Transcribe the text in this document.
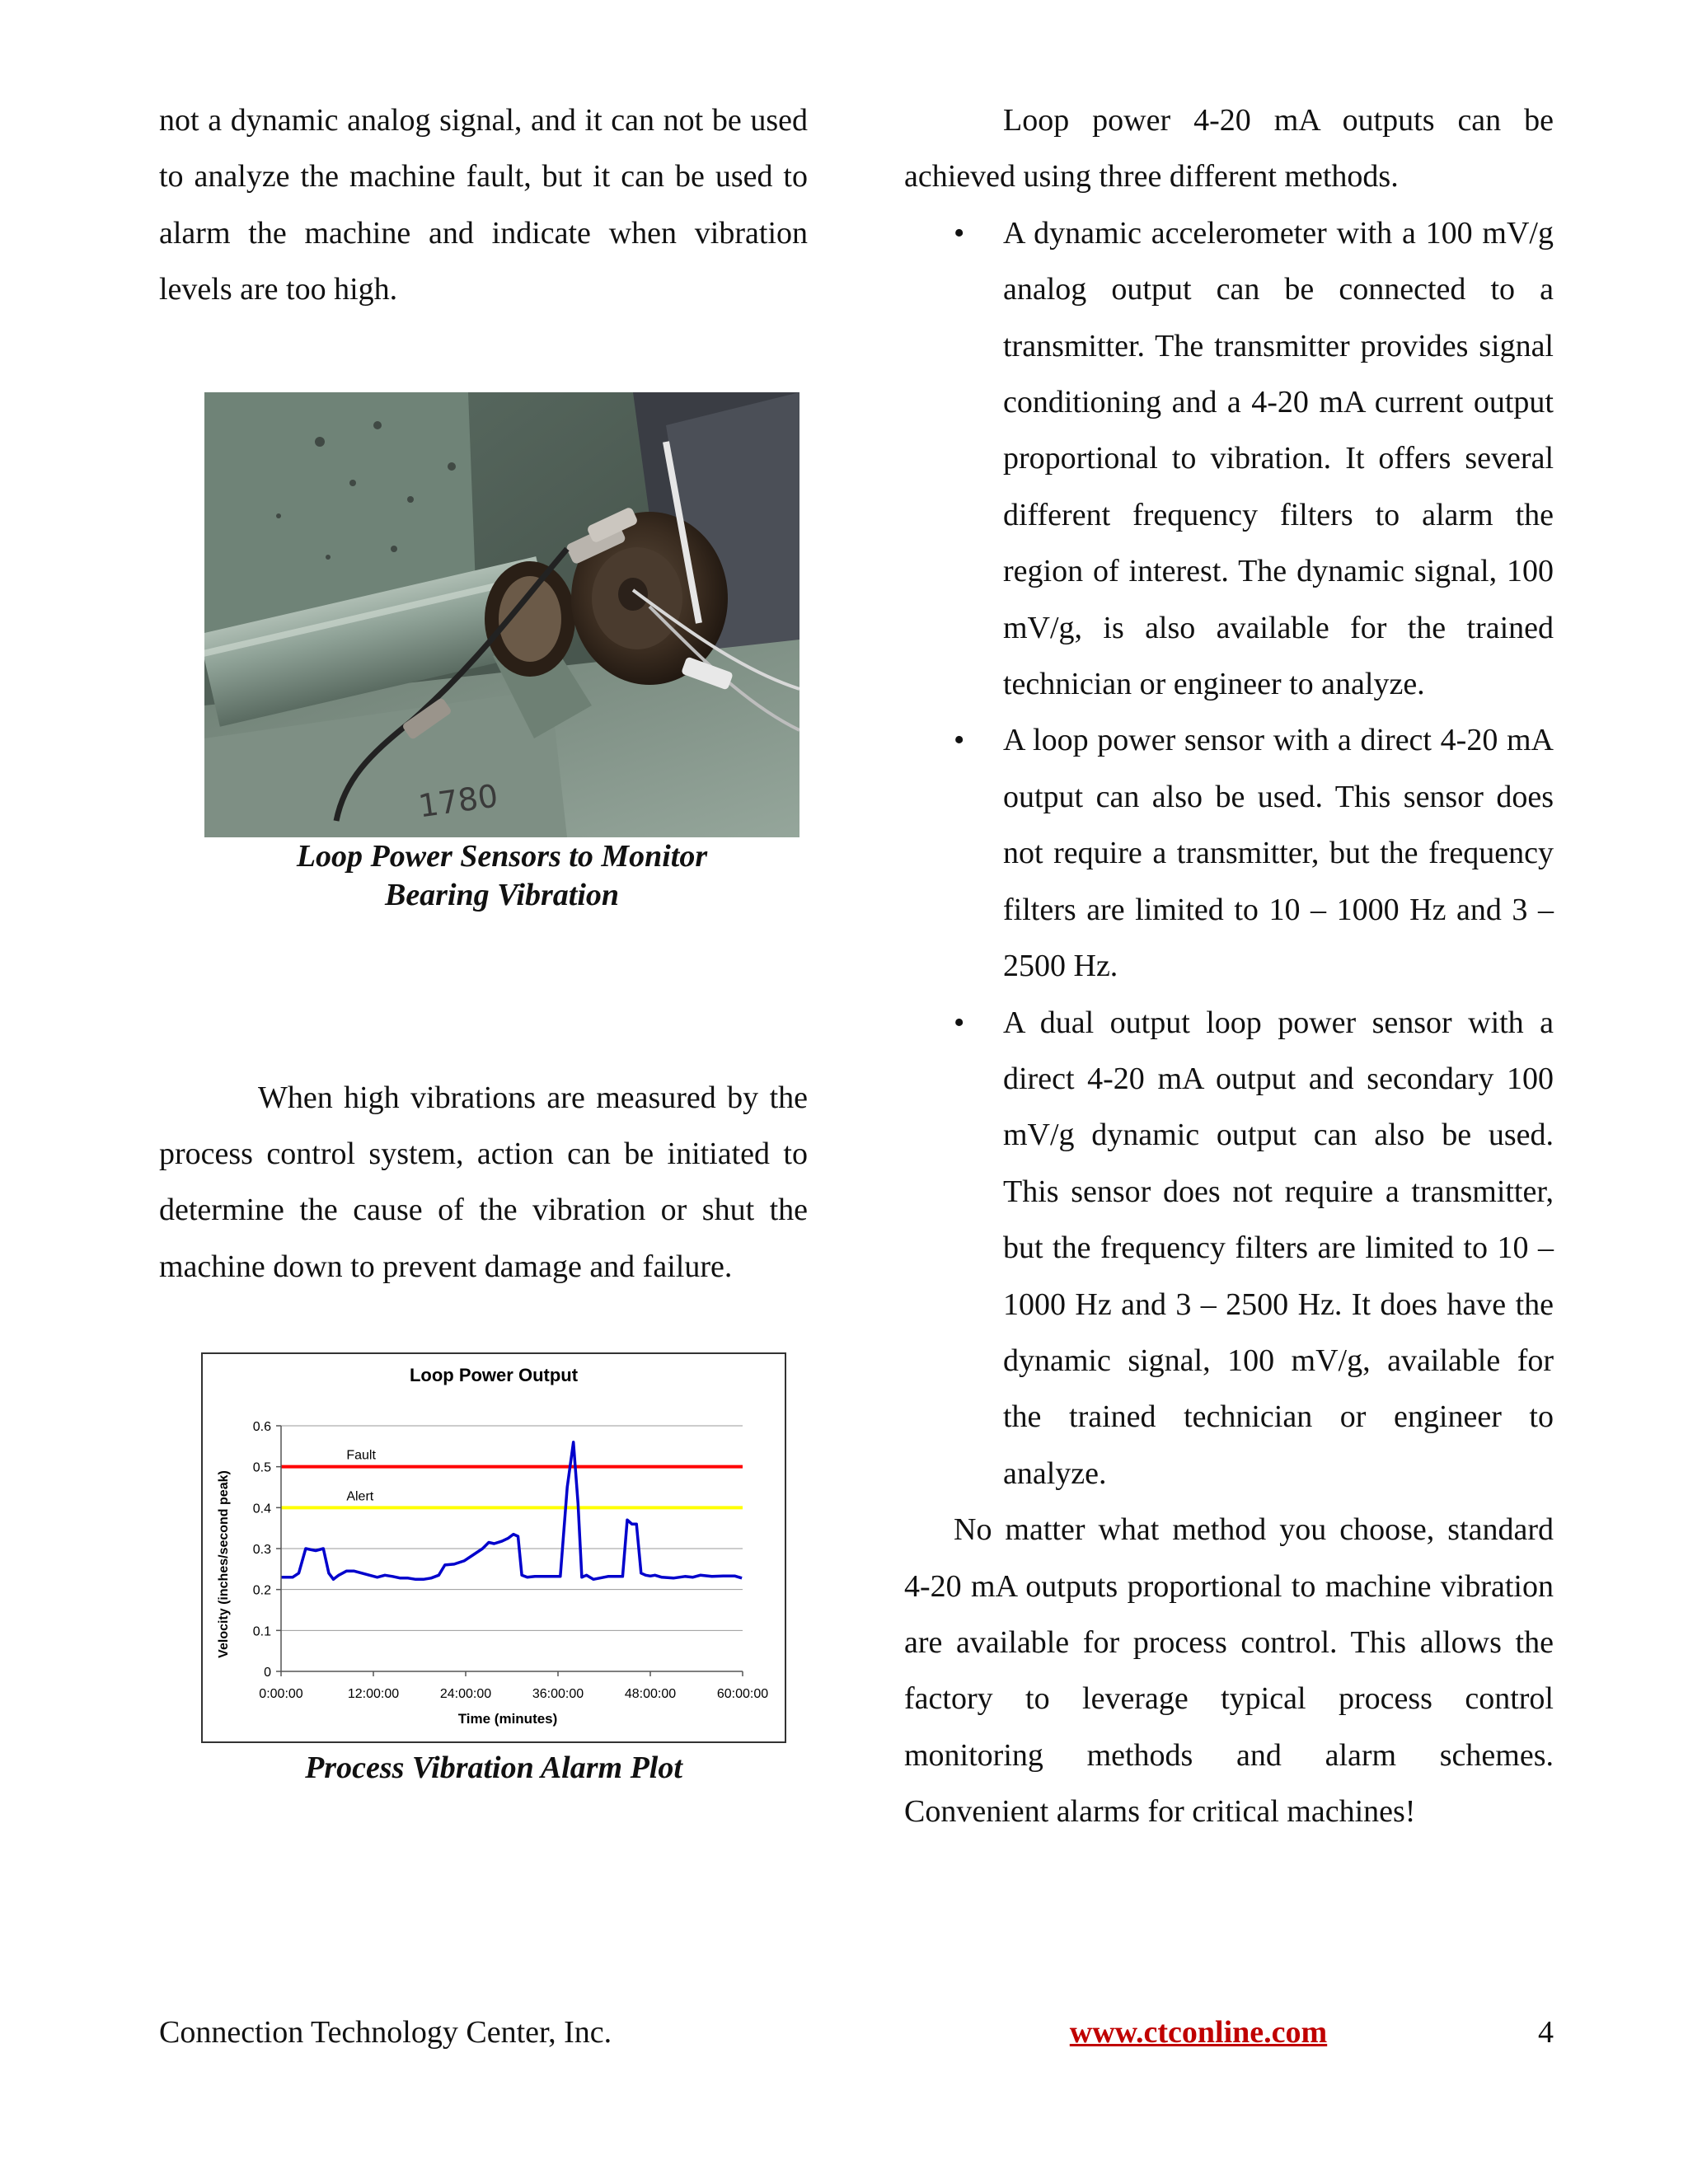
not a dynamic analog signal, and it can not be used to analyze the machine fault, but it can be used to alarm the machine and indicate when vibration levels are too high.

When high vibrations are measured by the process control system, action can be initiated to determine the cause of the vibration or shut the machine down to prevent damage and failure.

1780
Loop Power Sensors to Monitor
Bearing Vibration
Loop Power Output
Fault
Alert
0
0.1
0.2
0.3
0.4
0.5
0.6
0:00:00	12:00:00	24:00:00	36:00:00	48:00:00	60:00:00
Time (minutes)
Velocity (inches/second peak)
Process Vibration Alarm Plot

Loop power 4-20 mA outputs can be achieved using three different methods.

• A dynamic accelerometer with a 100 mV/g analog output can be connected to a transmitter. The transmitter provides signal conditioning and a 4-20 mA current output proportional to vibration. It offers several different frequency filters to alarm the region of interest. The dynamic signal, 100 mV/g, is also available for the trained technician or engineer to analyze.
• A loop power sensor with a direct 4-20 mA output can also be used. This sensor does not require a transmitter, but the frequency filters are limited to 10 – 1000 Hz and 3 – 2500 Hz.
• A dual output loop power sensor with a direct 4-20 mA output and secondary 100 mV/g dynamic output can also be used. This sensor does not require a transmitter, but the frequency filters are limited to 10 – 1000 Hz and 3 – 2500 Hz. It does have the dynamic signal, 100 mV/g, available for the trained technician or engineer to analyze.

No matter what method you choose, standard 4-20 mA outputs proportional to machine vibration are available for process control. This allows the factory to leverage typical process control monitoring methods and alarm schemes. Convenient alarms for critical machines!

Connection Technology Center, Inc.	www.ctconline.com	4
